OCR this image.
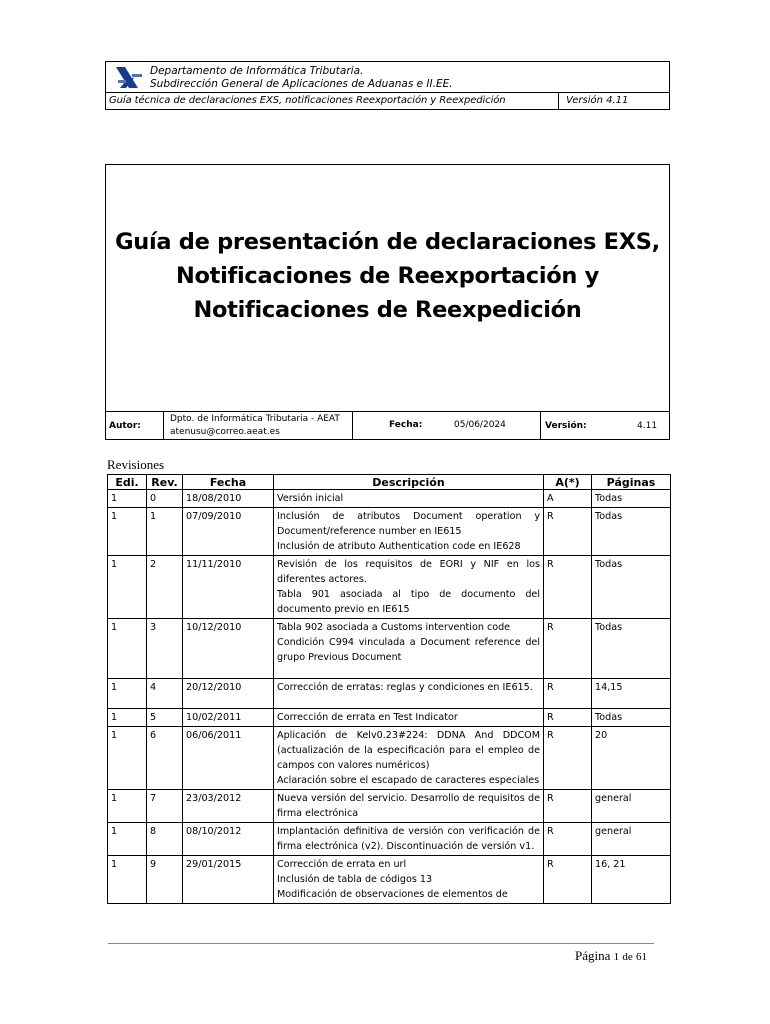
Departamento de Informática Tributaria.
Subdirección General de Aplicaciones de Aduanas e II.EE.
Guía técnica de declaraciones EXS, notificaciones Reexportación y Reexpedición	Versión 4.11
Guía de presentación de declaraciones EXS,
Notificaciones de Reexportación y
Notificaciones de Reexpedición
Autor:
Dpto. de Informática Tributaria - AEAT
atenusu@correo.aeat.es
Fecha:	05/06/2024	Versión:	4.11
Revisiones
Edi.	Rev.	Fecha	Descripción	A(*)	Páginas
1	0	18/08/2010	Versión inicial	A	Todas
1	1	07/09/2010	Inclusión de atributos Document operation y Document/reference number en IE615
Inclusión de atributo Authentication code en IE628	R	Todas
1	2	11/11/2010	Revisión de los requisitos de EORI y NIF en los diferentes actores.
Tabla 901 asociada al tipo de documento del documento previo en IE615	R	Todas
1	3	10/12/2010	Tabla 902 asociada a Customs intervention code
Condición C994 vinculada a Document reference del grupo Previous Document	R	Todas
1	4	20/12/2010	Corrección de erratas: reglas y condiciones en IE615.	R	14,15
1	5	10/02/2011	Corrección de errata en Test Indicator	R	Todas
1	6	06/06/2011	Aplicación de Kelv0.23#224: DDNA And DDCOM (actualización de la especificación para el empleo de campos con valores numéricos)
Aclaración sobre el escapado de caracteres especiales	R	20
1	7	23/03/2012	Nueva versión del servicio. Desarrollo de requisitos de firma electrónica	R	general
1	8	08/10/2012	Implantación definitiva de versión con verificación de firma electrónica (v2). Discontinuación de versión v1.	R	general
1	9	29/01/2015	Corrección de errata en url
Inclusión de tabla de códigos 13
Modificación de observaciones de elementos de	R	16, 21
Página 1 de 61
